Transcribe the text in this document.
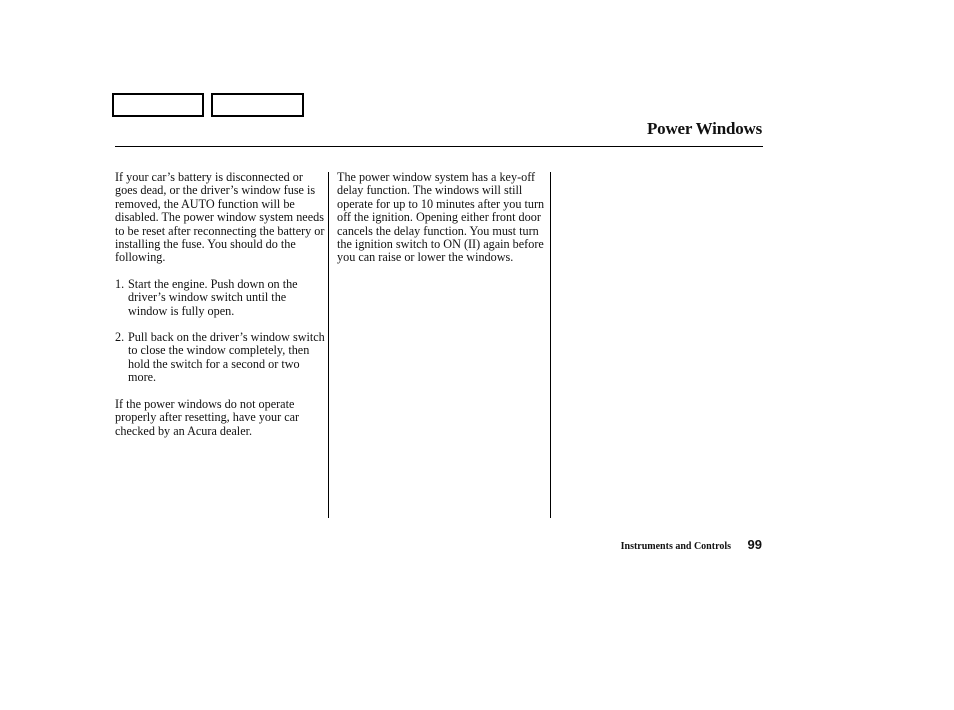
Power Windows

If your car’s battery is disconnected or goes dead, or the driver’s window fuse is removed, the AUTO function will be disabled. The power window system needs to be reset after reconnecting the battery or installing the fuse. You should do the following.

1. Start the engine. Push down on the driver’s window switch until the window is fully open.
2. Pull back on the driver’s window switch to close the window completely, then hold the switch for a second or two more.

If the power windows do not operate properly after resetting, have your car checked by an Acura dealer.

The power window system has a key-off delay function. The windows will still operate for up to 10 minutes after you turn off the ignition. Opening either front door cancels the delay function. You must turn the ignition switch to ON (II) again before you can raise or lower the windows.

Instruments and Controls 99
